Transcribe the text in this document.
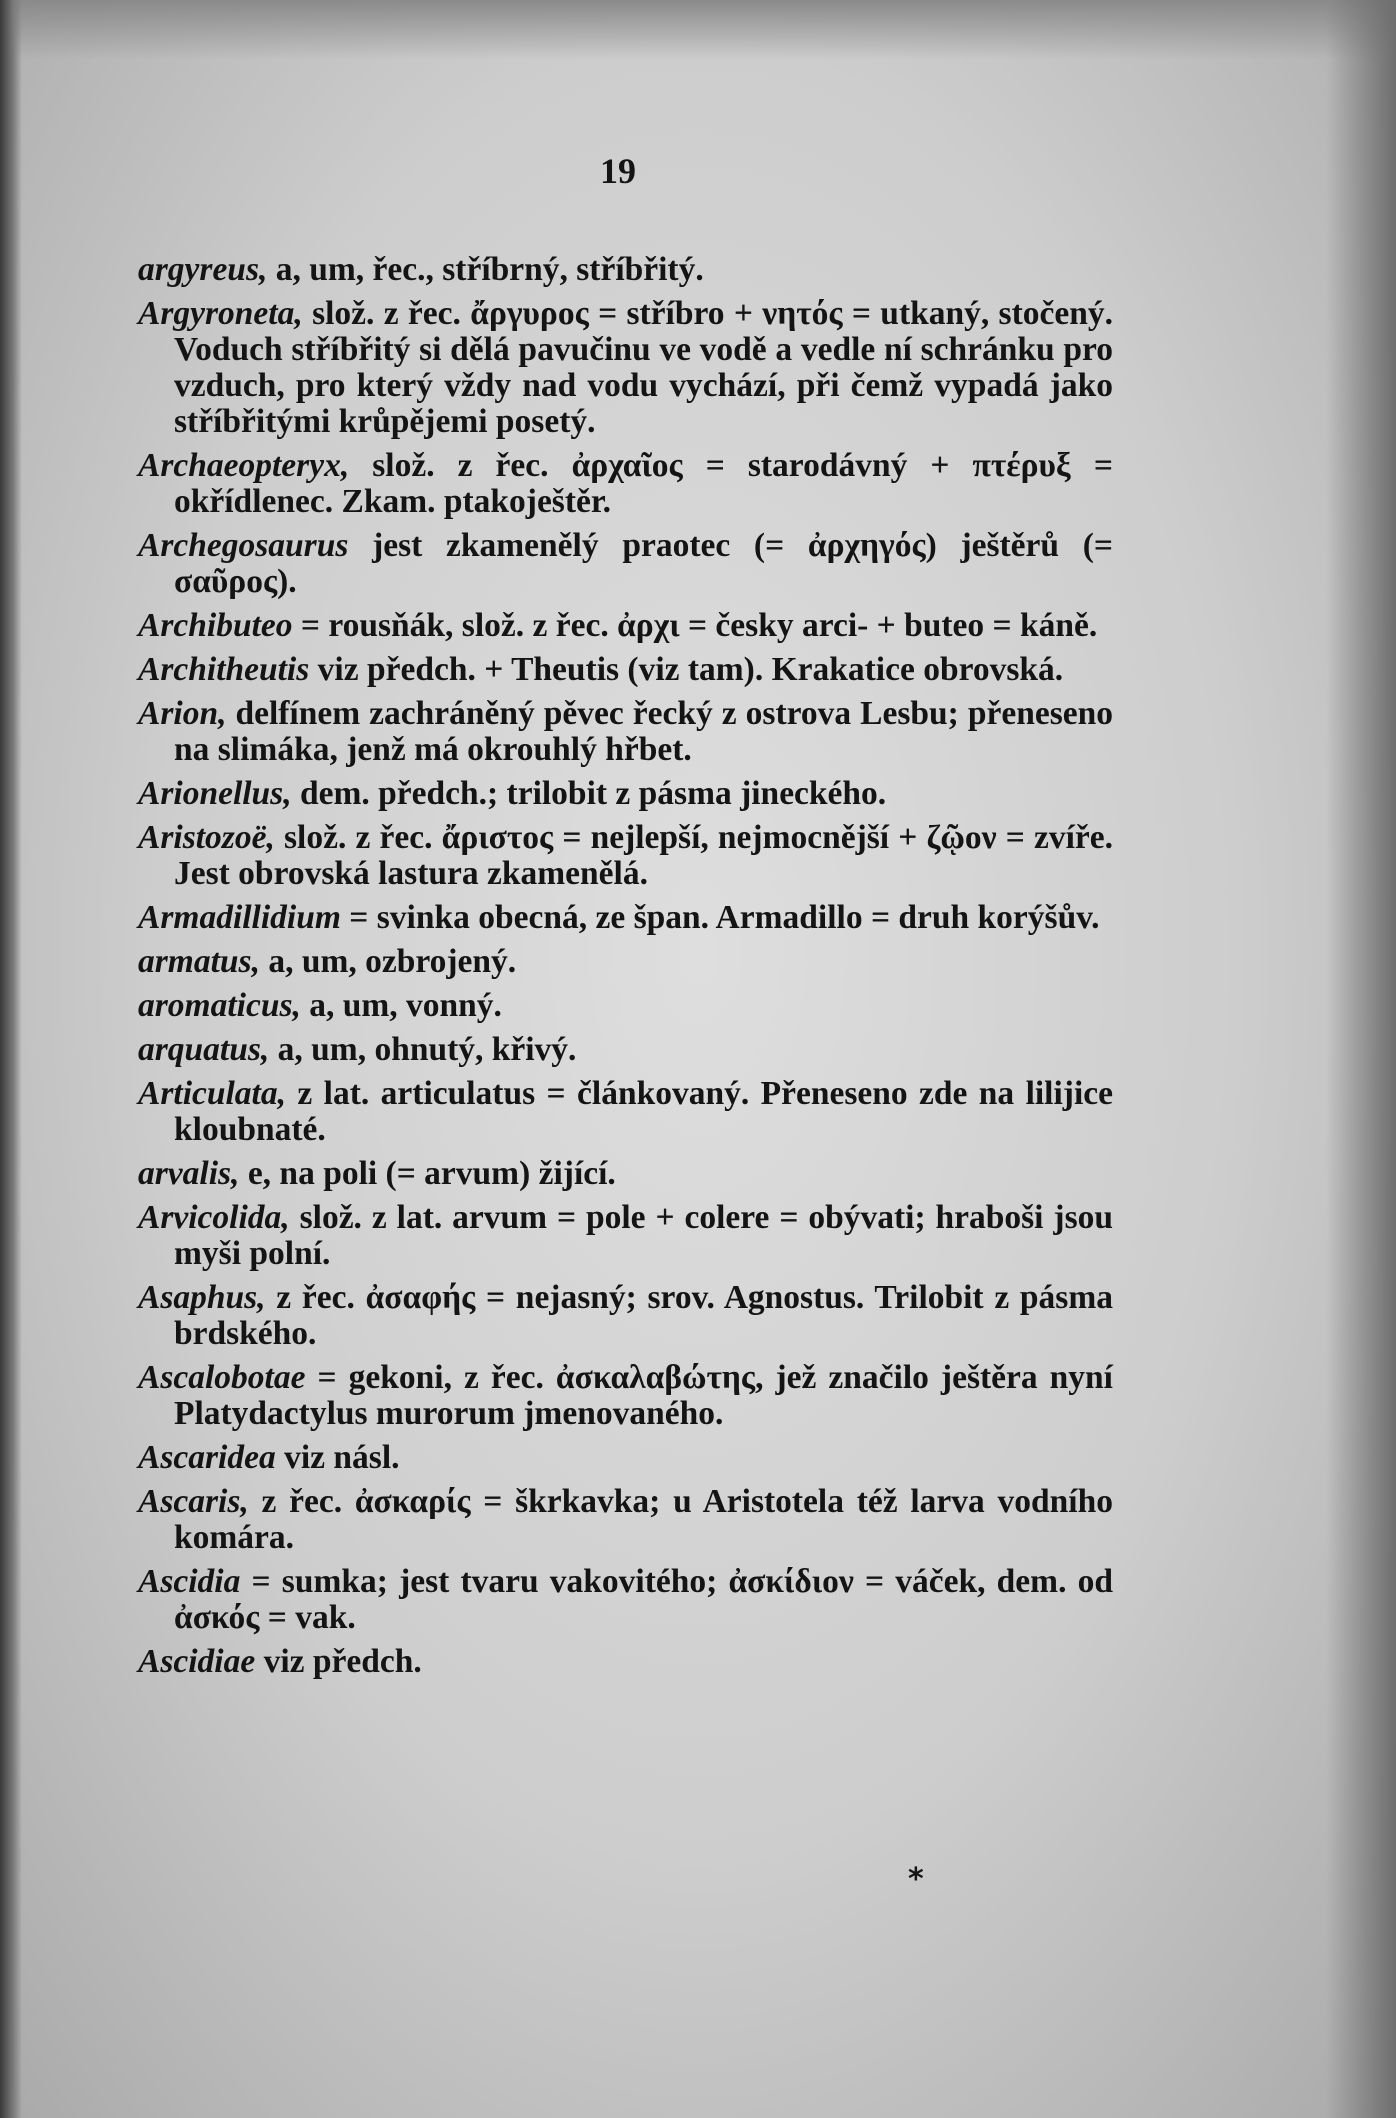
19

argyreus, a, um, řec., stříbrný, stříbřitý.

Argyroneta, slož. z řec. ἄργυρος = stříbro + νητός = utkaný, stočený. Voduch stříbřitý si dělá pavučinu ve vodě a vedle ní schránku pro vzduch, pro který vždy nad vodu vychází, při čemž vypadá jako stříbřitými krůpějemi posetý.

Archaeopteryx, slož. z řec. ἀρχαῖος = starodávný + πτέρυξ = okřídlenec. Zkam. ptakoještěr.

Archegosaurus jest zkamenělý praotec (= ἀρχηγός) ještěrů (= σαῦρος).

Archibuteo = rousňák, slož. z řec. ἀρχι = česky arci- + buteo = káně.

Architheutis viz předch. + Theutis (viz tam). Krakatice obrovská.

Arion, delfínem zachráněný pěvec řecký z ostrova Lesbu; přeneseno na slimáka, jenž má okrouhlý hřbet.

Arionellus, dem. předch.; trilobit z pásma jineckého.

Aristozoë, slož. z řec. ἄριστος = nejlepší, nejmocnější + ζῷον = zvíře. Jest obrovská lastura zkamenělá.

Armadillidium = svinka obecná, ze špan. Armadillo = druh korýšův.

armatus, a, um, ozbrojený.

aromaticus, a, um, vonný.

arquatus, a, um, ohnutý, křivý.

Articulata, z lat. articulatus = článkovaný. Přeneseno zde na lilijice kloubnaté.

arvalis, e, na poli (= arvum) žijící.

Arvicolida, slož. z lat. arvum = pole + colere = obývati; hraboši jsou myši polní.

Asaphus, z řec. ἀσαφής = nejasný; srov. Agnostus. Trilobit z pásma brdského.

Ascalobotae = gekoni, z řec. ἀσκαλαβώτης, jež značilo ještěra nyní Platydactylus murorum jmenovaného.

Ascaridea viz násl.

Ascaris, z řec. ἀσκαρίς = škrkavka; u Aristotela též larva vodního komára.

Ascidia = sumka; jest tvaru vakovitého; ἀσκίδιον = váček, dem. od ἀσκός = vak.

Ascidiae viz předch.

*
